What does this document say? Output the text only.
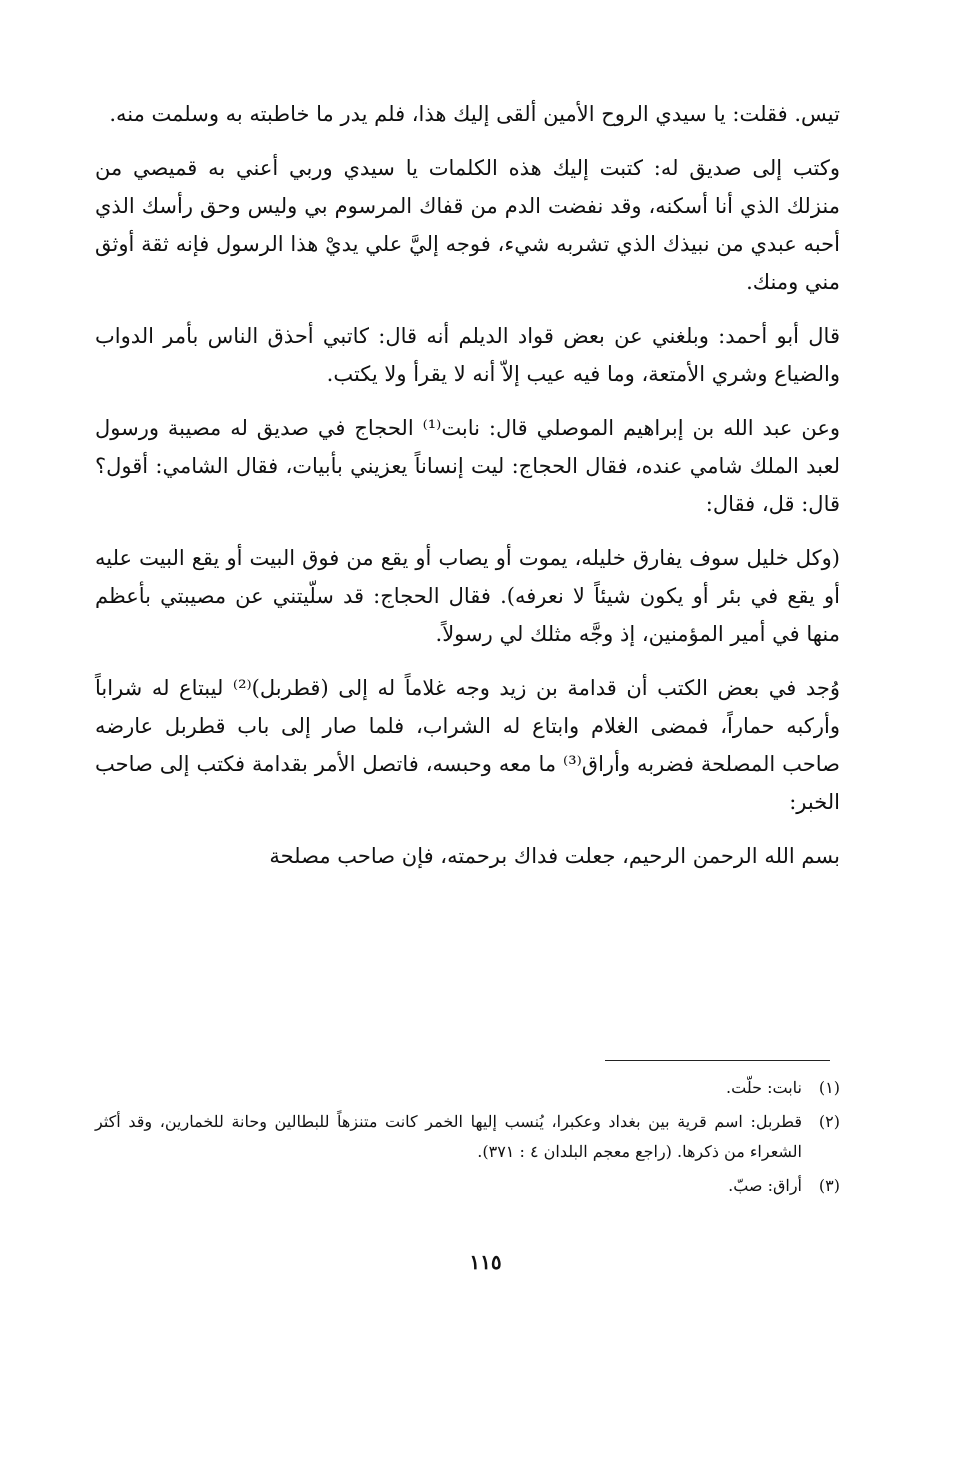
تيس. فقلت: يا سيدي الروح الأمين ألقى إليك هذا، فلم يدر ما خاطبته به وسلمت منه.

وكتب إلى صديق له: كتبت إليك هذه الكلمات يا سيدي وربي أعني به قميصي من منزلك الذي أنا أسكنه، وقد نفضت الدم من قفاك المرسوم بي وليس وحق رأسك الذي أحبه عبدي من نبيذك الذي تشربه شيء، فوجه إليَّ علي يديْ هذا الرسول فإنه ثقة أوثق مني ومنك.

قال أبو أحمد: وبلغني عن بعض قواد الديلم أنه قال: كاتبي أحذق الناس بأمر الدواب والضياع وشري الأمتعة، وما فيه عيب إلاّ أنه لا يقرأ ولا يكتب.

وعن عبد الله بن إبراهيم الموصلي قال: نابت⁽¹⁾ الحجاج في صديق له مصيبة ورسول لعبد الملك شامي عنده، فقال الحجاج: ليت إنساناً يعزيني بأبيات، فقال الشامي: أقول؟ قال: قل، فقال:

(وكل خليل سوف يفارق خليله، يموت أو يصاب أو يقع من فوق البيت أو يقع البيت عليه أو يقع في بئر أو يكون شيئاً لا نعرفه). فقال الحجاج: قد سلّيتني عن مصيبتي بأعظم منها في أمير المؤمنين، إذ وجَّه مثلك لي رسولاً.

وُجد في بعض الكتب أن قدامة بن زيد وجه غلاماً له إلى (قطربل)⁽²⁾ ليبتاع له شراباً وأركبه حماراً، فمضى الغلام وابتاع له الشراب، فلما صار إلى باب قطربل عارضه صاحب المصلحة فضربه وأراق⁽³⁾ ما معه وحبسه، فاتصل الأمر بقدامة فكتب إلى صاحب الخبر:

بسم الله الرحمن الرحيم، جعلت فداك برحمته، فإن صاحب مصلحة

(١)
نابت: حلّت.
(٢)
قطربل: اسم قرية بين بغداد وعكبرا، يُنسب إليها الخمر كانت متنزهاً للبطالين وحانة للخمارين، وقد أكثر الشعراء من ذكرها. (راجع معجم البلدان ٤ : ٣٧١).
(٣)
أراق: صبّ.
١١٥
